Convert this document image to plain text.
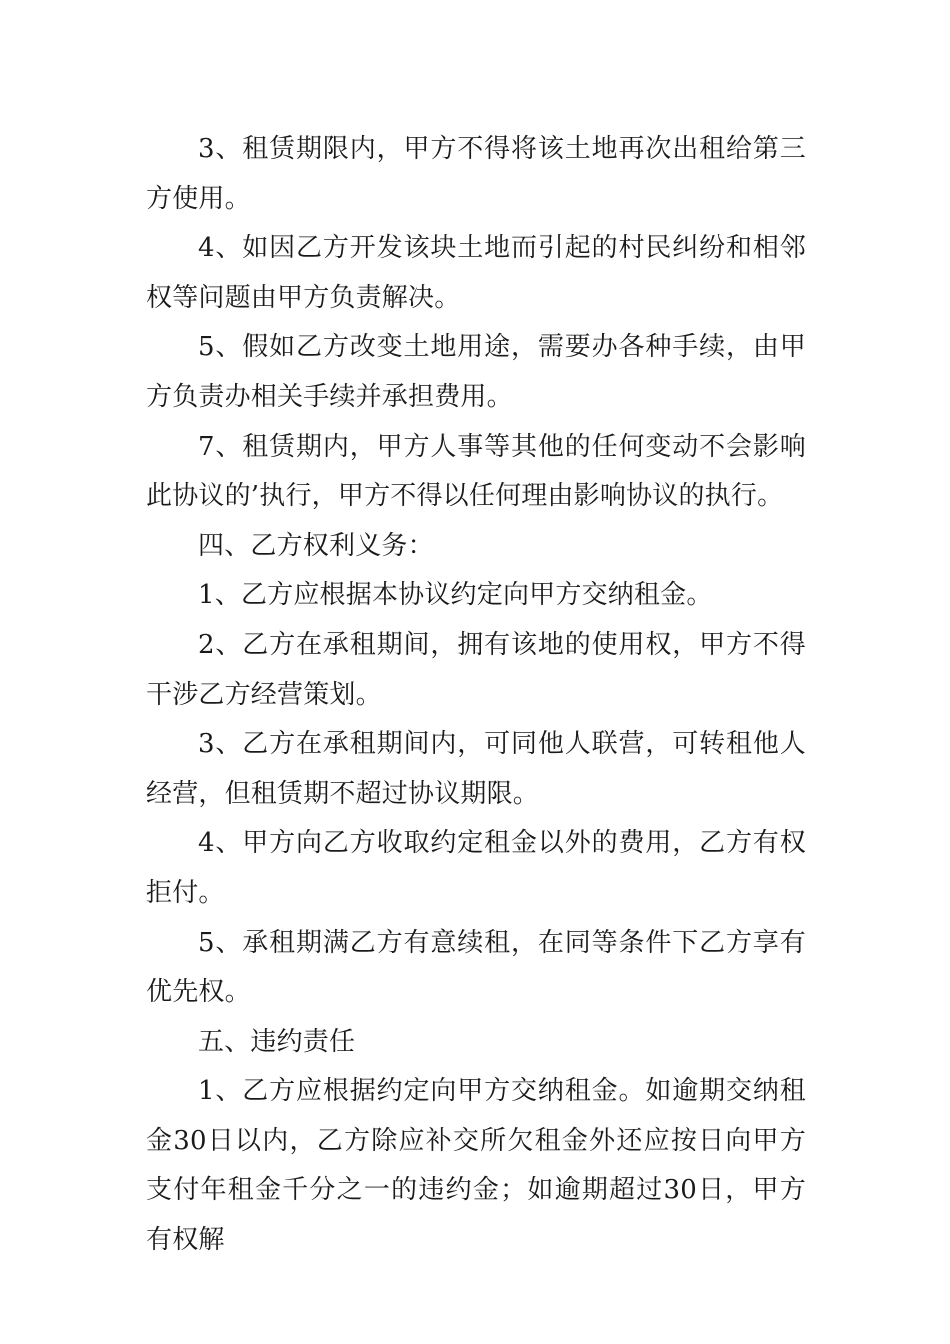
3、租赁期限内，甲方不得将该土地再次出租给第三方使用。

4、如因乙方开发该块土地而引起的村民纠纷和相邻权等问题由甲方负责解决。

5、假如乙方改变土地用途，需要办各种手续，由甲方负责办相关手续并承担费用。

7、租赁期内，甲方人事等其他的任何变动不会影响此协议的’执行，甲方不得以任何理由影响协议的执行。

四、乙方权利义务：

1、乙方应根据本协议约定向甲方交纳租金。

2、乙方在承租期间，拥有该地的使用权，甲方不得干涉乙方经营策划。

3、乙方在承租期间内，可同他人联营，可转租他人经营，但租赁期不超过协议期限。

4、甲方向乙方收取约定租金以外的费用，乙方有权拒付。

5、承租期满乙方有意续租，在同等条件下乙方享有优先权。

五、违约责任

1、乙方应根据约定向甲方交纳租金。如逾期交纳租金30日以内，乙方除应补交所欠租金外还应按日向甲方支付年租金千分之一的违约金；如逾期超过30日，甲方有权解
